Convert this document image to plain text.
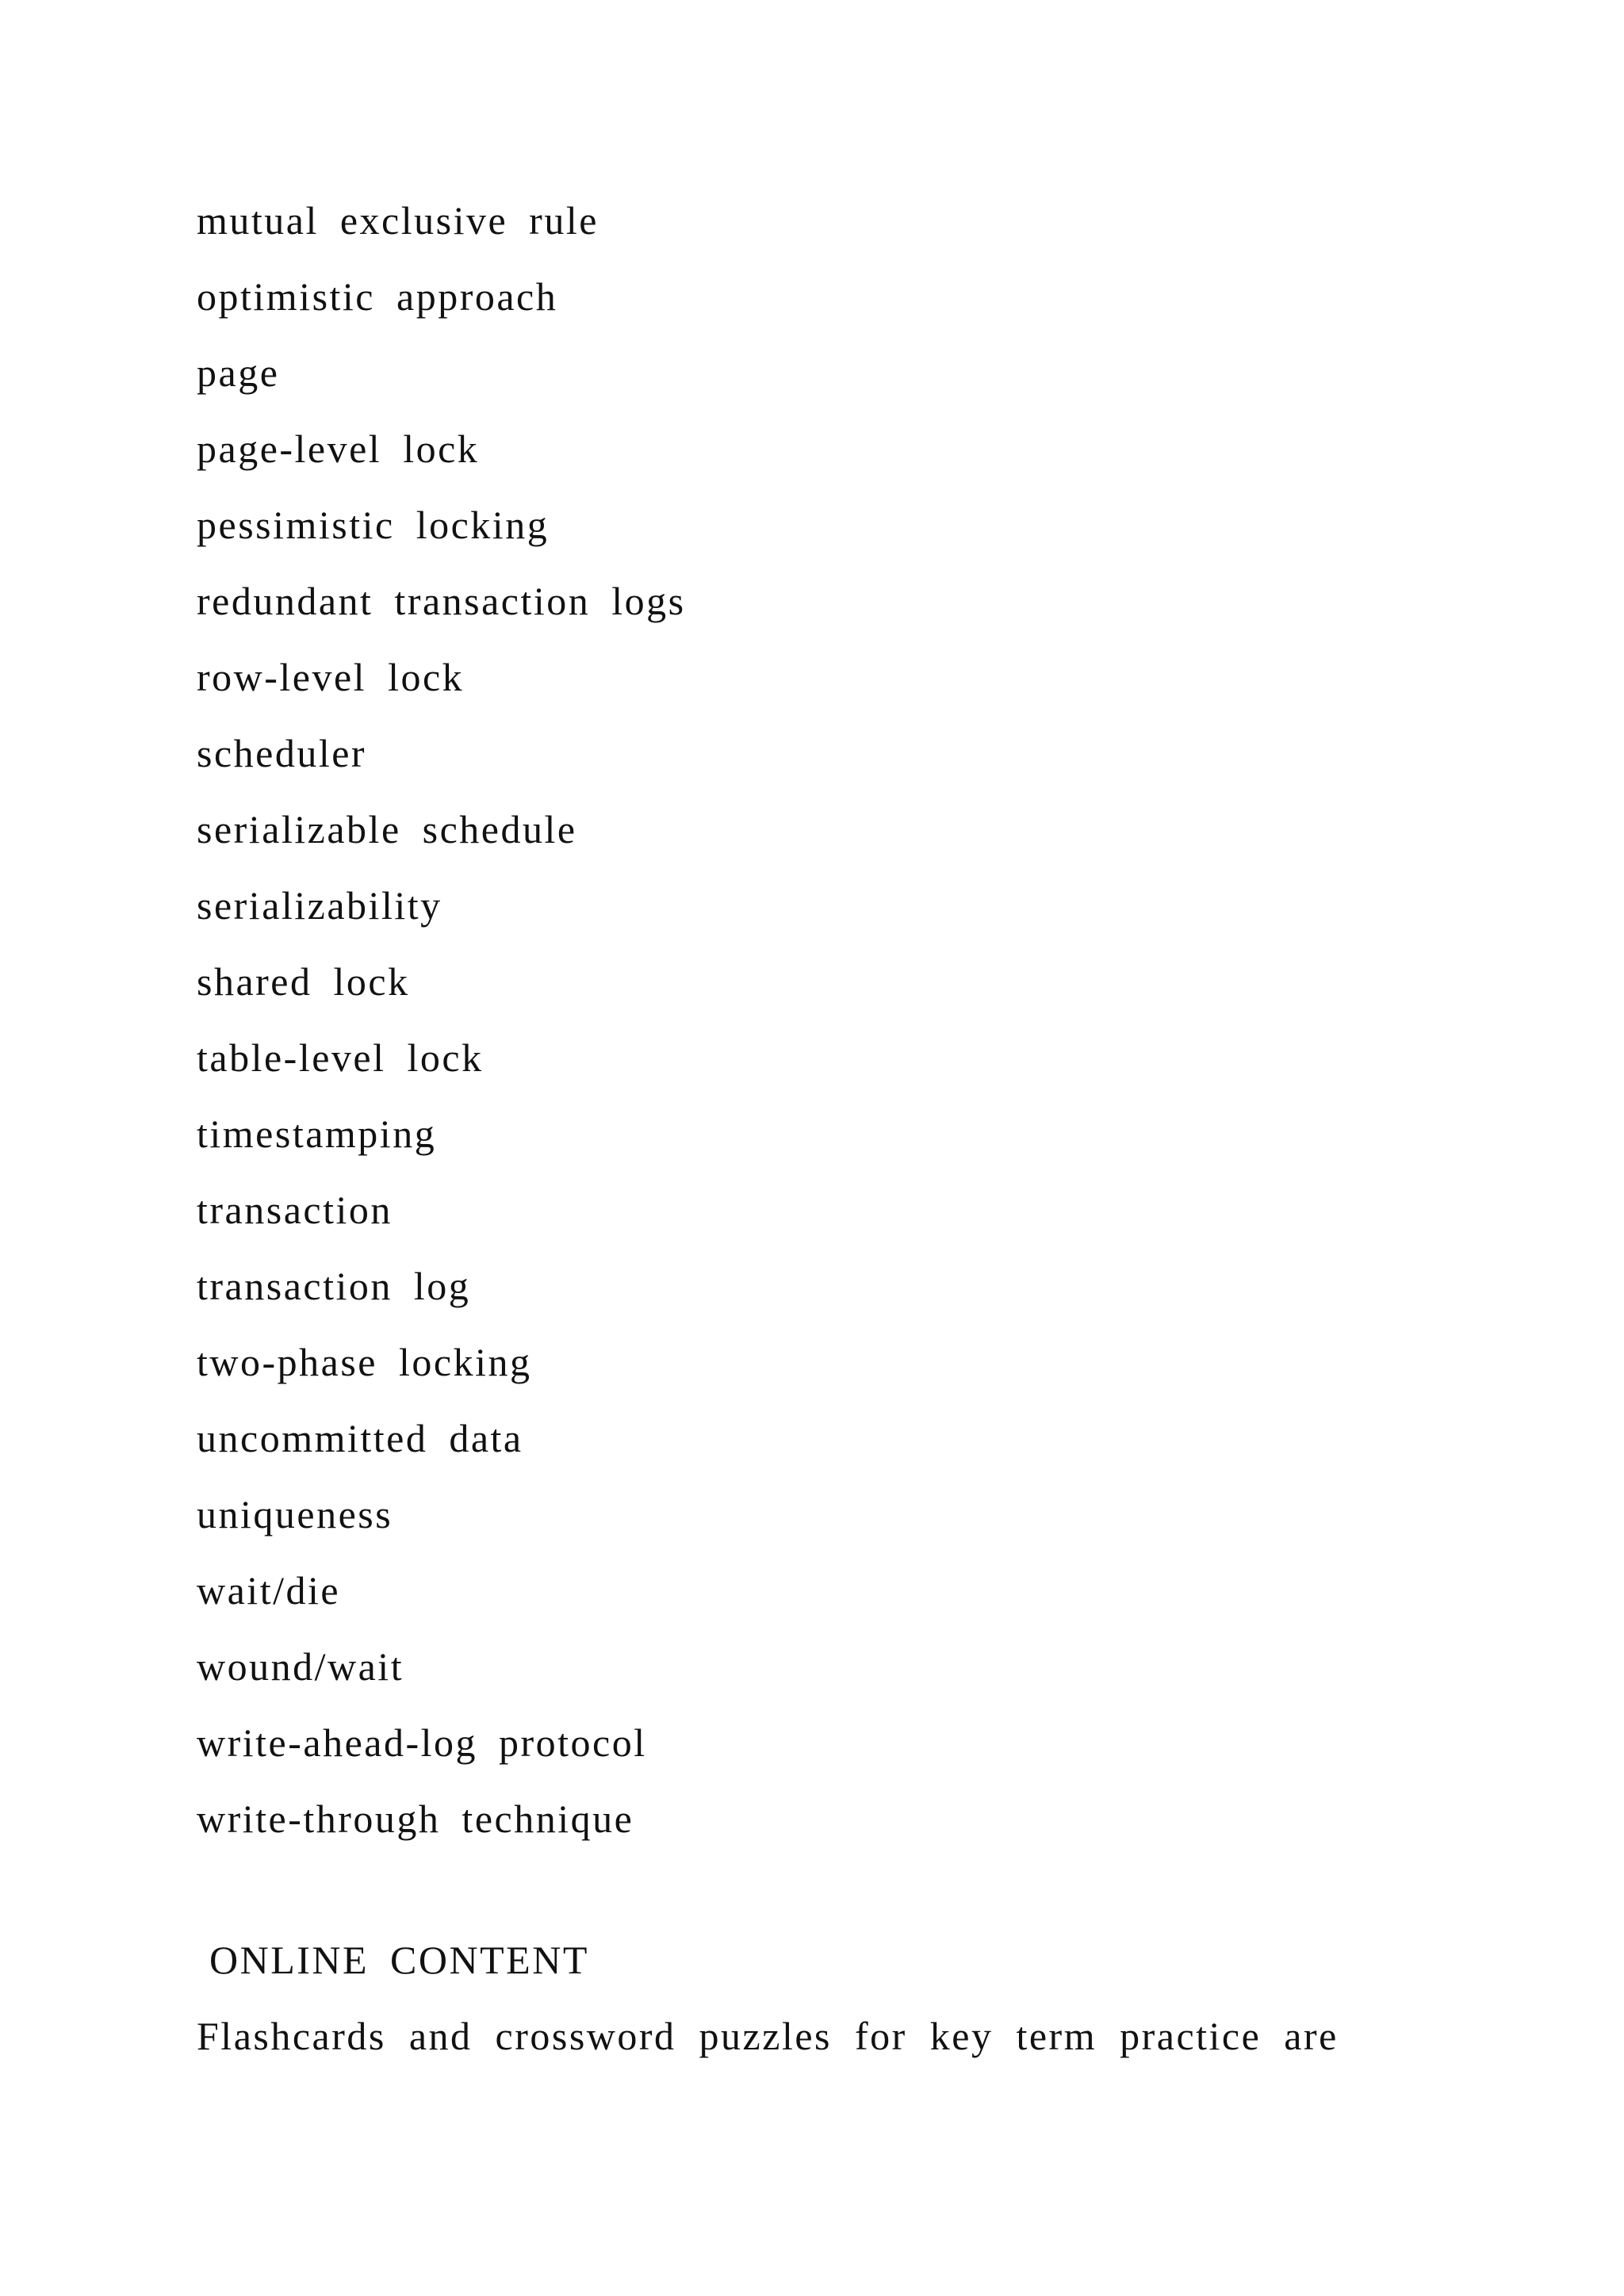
mutual exclusive rule
optimistic approach
page
page-level lock
pessimistic locking
redundant transaction logs
row-level lock
scheduler
serializable schedule
serializability
shared lock
table-level lock
timestamping
transaction
transaction log
two-phase locking
uncommitted data
uniqueness
wait/die
wound/wait
write-ahead-log protocol
write-through technique
ONLINE CONTENT

Flashcards and crossword puzzles for key term practice are
